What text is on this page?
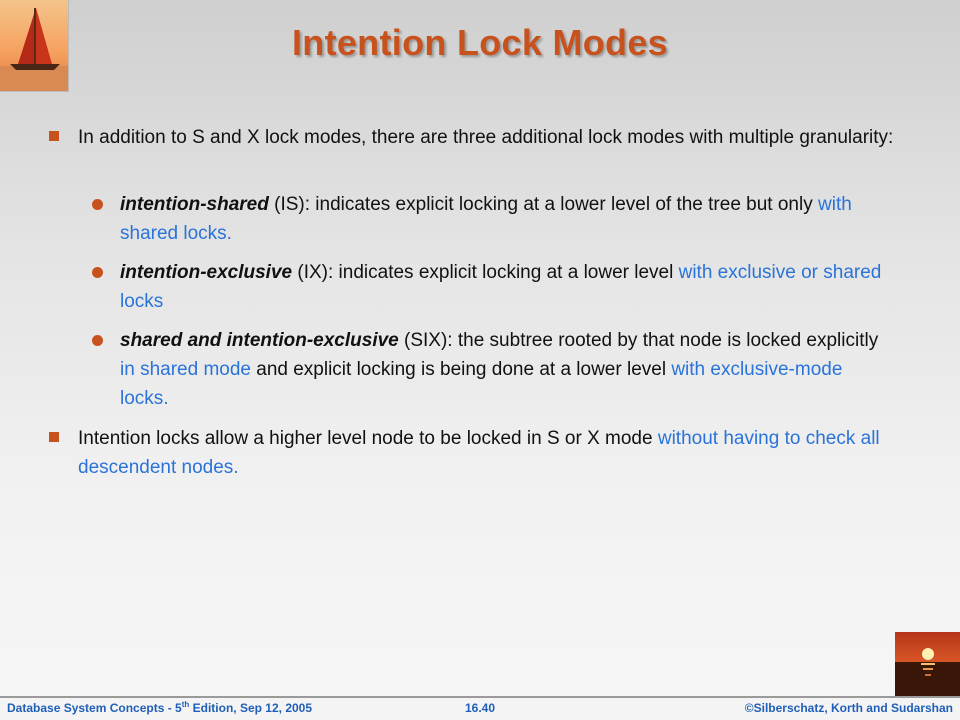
Intention Lock Modes
In addition to S and X lock modes, there are three additional lock modes with multiple granularity:
intention-shared (IS): indicates explicit locking at a lower level of the tree but only with shared locks.
intention-exclusive (IX): indicates explicit locking at a lower level with exclusive or shared locks
shared and intention-exclusive (SIX): the subtree rooted by that node is locked explicitly in shared mode and explicit locking is being done at a lower level with exclusive-mode locks.
Intention locks allow a higher level node to be locked in S or X mode without having to check all descendent nodes.
Database System Concepts - 5th Edition, Sep 12, 2005	16.40	©Silberschatz, Korth and Sudarshan
